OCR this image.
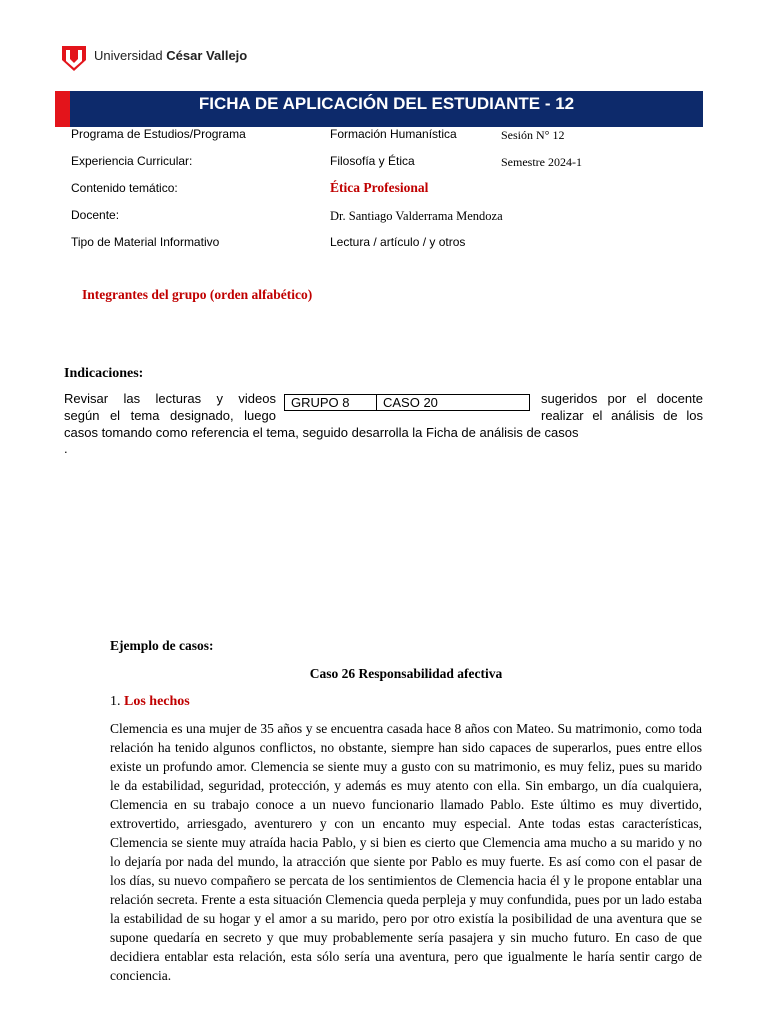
Universidad César Vallejo
FICHA DE APLICACIÓN DEL ESTUDIANTE - 12
Programa de Estudios/Programa	Formación Humanística	Sesión N° 12
Experiencia Curricular:	Filosofía y Ética	Semestre 2024-1
Contenido temático:	Ética Profesional
Docente:	Dr. Santiago Valderrama Mendoza
Tipo de Material Informativo	Lectura / artículo / y otros
Integrantes del grupo (orden alfabético)
Indicaciones:
Revisar las lecturas y videos	sugeridos por el docente
GRUPO 8	CASO 20
según el tema designado, luego	realizar el análisis de los
casos tomando como referencia el tema, seguido desarrolla la Ficha de análisis de casos
.
Ejemplo de casos:
Caso 26 Responsabilidad afectiva
1. Los hechos
Clemencia es una mujer de 35 años y se encuentra casada hace 8 años con Mateo. Su matrimonio, como toda relación ha tenido algunos conflictos, no obstante, siempre han sido capaces de superarlos, pues entre ellos existe un profundo amor. Clemencia se siente muy a gusto con su matrimonio, es muy feliz, pues su marido le da estabilidad, seguridad, protección, y además es muy atento con ella. Sin embargo, un día cualquiera, Clemencia en su trabajo conoce a un nuevo funcionario llamado Pablo. Este último es muy divertido, extrovertido, arriesgado, aventurero y con un encanto muy especial. Ante todas estas características, Clemencia se siente muy atraída hacia Pablo, y si bien es cierto que Clemencia ama mucho a su marido y no lo dejaría por nada del mundo, la atracción que siente por Pablo es muy fuerte. Es así como con el pasar de los días, su nuevo compañero se percata de los sentimientos de Clemencia hacia él y le propone entablar una relación secreta. Frente a esta situación Clemencia queda perpleja y muy confundida, pues por un lado estaba la estabilidad de su hogar y el amor a su marido, pero por otro existía la posibilidad de una aventura que se supone quedaría en secreto y que muy probablemente sería pasajera y sin mucho futuro. En caso de que decidiera entablar esta relación, esta sólo sería una aventura, pero que igualmente le haría sentir cargo de conciencia.
